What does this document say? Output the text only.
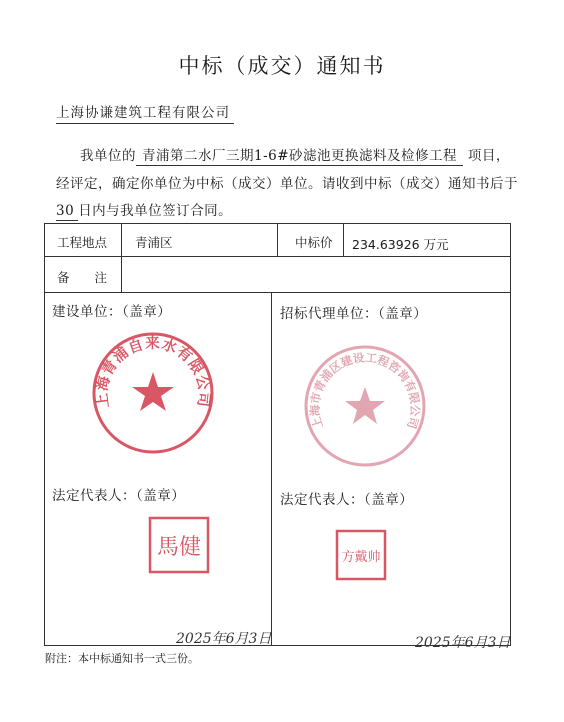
中标（成交）通知书
上海协谦建筑工程有限公司
我单位的 青浦第二水厂三期1-6#砂滤池更换滤料及检修工程 项目，
经评定，确定你单位为中标（成交）单位。请收到中标（成交）通知书后于
30 日内与我单位签订合同。
工程地点 青浦区	中标价 234.63926 万元
备　　注
建设单位：（盖章）
上海青浦自来水有限公司
法定代表人：（盖章）
馬健
2025年6月3日
招标代理单位：（盖章）
上海市青浦区建设工程咨询有限公司
法定代表人：（盖章）
方戴帅
2025年6月3日
附注：本中标通知书一式三份。
